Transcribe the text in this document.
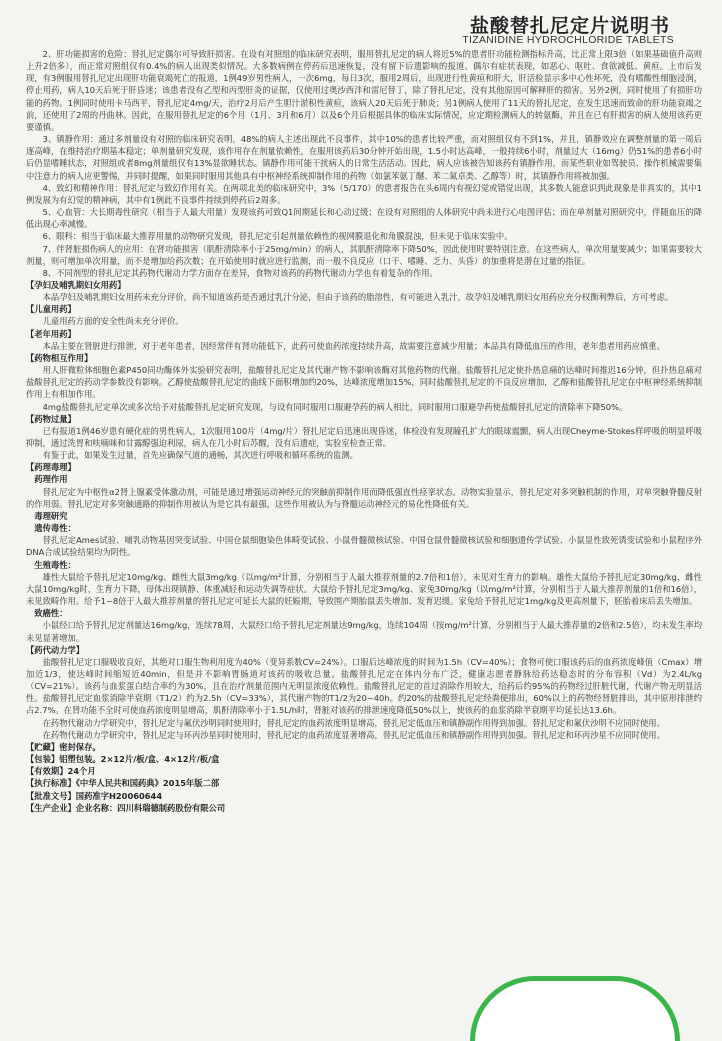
盐酸替扎尼定片说明书
TIZANIDINE HYDROCHLORIDE TABLETS

2、肝功能损害的危险：替扎尼定偶尔可导致肝损害。在设有对照组的临床研究表明，服用替扎尼定的病人将近5%的患者肝功能检测指标升高，比正常上限3倍（如果基础值升高则上升2倍多），而正常对照组仅有0.4%的病人出现类似情况。大多数病例在停药后迅速恢复，没有留下后遗影响的报道。偶尔有症状表现，如恶心、呕吐、食欲减低、黄疸。上市后发现，有3例服用替扎尼定出现肝功能衰竭死亡的报道，1例49岁男性病人，一次6mg，每日3次，服用2周后，出现进行性黄疸和肝大，肝活检显示多中心性坏死，没有嗜酸性细胞浸润，停止用药，病人10天后死于肝昏迷；该患者没有乙型和丙型肝炎的证据，仅使用过奥沙西泮和雷尼替丁，除了替扎尼定，没有其他原因可解释肝的损害。另外2例，同时使用了有损肝功能的药物。1例同时使用卡马西平，替扎尼定4mg/天，治疗2月后产生胆汁淤积性黄疸，该病人20天后死于肺炎；另1例病人使用了11天的替扎尼定，在发生迅速而致命的肝功能衰竭之前，还使用了2周的丹曲林。因此，在服用替扎尼定的6个月（1月、3月和6月）以及6个月后根据具体的临床实际情况，应定期检测病人的转氨酶，并且在已有肝损害的病人使用该药更要谨慎。

3、镇静作用：通过多剂量设有对照的临床研究表明，48%的病人主述出现此不良事件，其中10%的患者比较严重，而对照组仅有不到1%，并且，镇静效应在调整剂量的第一周后逐高峰，在维持治疗期基本稳定；单剂量研究发现，该作用存在剂量依赖性，在服用该药后30分钟开始出现，1.5小时达高峰，一般持续6小时，剂量过大（16mg）仍51%的患者6小时后仍显嗜睡状态，对照组或者8mg剂量组仅有13%显欲睡状态。镇静作用可能干扰病人的日常生活活动。因此，病人应该被告知该药有镇静作用，而某些职业如驾驶员、操作机械需要集中注意力的病人应更警惕，并同时提醒，如果同时服用其他具有中枢神经系统抑制作用的药物（如氯苯氨丁醚、苯二氮卓类、乙醇等）时，其镇静作用将被加强。

4、致幻和精神作用：替扎尼定与致幻作用有关。在两项北美的临床研究中，3%（5/170）的患者报告在头6周内有视幻觉或错觉出现，其多数人能意识到此现象是非真实的，其中1例发展为有幻觉的精神病，其中有1例此不良事件持续到停药后2周多。

5、心血管：大长期毒性研究（相当于人最大用量）发现该药可致Q1间期延长和心动过缓；在设有对照组的人体研究中尚未进行心电图评估；而在单剂量对照研究中，伴随血压的降低出现心率减慢。

6、眼科：相当于临床最大推荐用量的动物研究发现，替扎尼定引起剂量依赖性的视网膜退化和角膜混浊，但未见于临床实验中。

7、伴肾脏损伤病人的应用：在肾功能损害（肌酐清除率小于25mg/min）的病人，其肌酐清除率下降50%，因此使用时要特别注意。在这些病人，单次用量要减少；如果需要较大剂量，则可增加单次用量，而不是增加给药次数；在开始使用时就应进行监测，而一般不良反应（口干、嗜睡、乏力、头昏）的加重将是潜在过量的指征。

8、不同剂型的替扎尼定其药物代谢动力学方面存在差异，食物对该药的药物代谢动力学也有着复杂的作用。

【孕妇及哺乳期妇女用药】

本品孕妇及哺乳期妇女用药未充分评价，尚不知道该药是否通过乳汁分泌，但由于该药的脂溶性，有可能进入乳汁，故孕妇及哺乳期妇女用药应充分权衡利弊后，方可考虑。

【儿童用药】

儿童用药方面的安全性尚未充分评价。

【老年用药】

本品主要在肾脏进行排泄，对于老年患者，因经常伴有肾功能低下，此药可使血药浓度持续升高，故需要注意减少用量；本品具有降低血压的作用，老年患者用药应慎重。

【药物相互作用】

用人肝微粒体细胞色素P450同功酶体外实验研究表明，盐酸替扎尼定及其代谢产物不影响该酶对其他药物的代谢。盐酸替扎尼定使扑热息痛的达峰时间推迟16分钟，但扑热息痛对盐酸替扎尼定的药动学参数没有影响。乙醇使盐酸替扎尼定的曲线下面积增加约20%，达峰浓度增加15%，同时盐酸替扎尼定的不良反应增加，乙醇和盐酸替扎尼定在中枢神经系统抑制作用上有相加作用。

4mg盐酸替扎尼定单次或多次给予对盐酸替扎尼定研究发现，与设有同时服用口服避孕药的病人相比，同时服用口服避孕药使盐酸替扎尼定的清除率下降50%。

【药物过量】

已有报道1例46岁患有硬化症的男性病人，1次服用100片（4mg/片）替扎尼定后迅速出现昏迷，体检没有发现瞳孔扩大的眼球震颤，病人出现Cheyme-Stokes样呼吸的明显呼吸抑制，通过洗胃和呋喃咪和甘露醇强迫利尿，病人在几小时后苏醒，没有后遗症，实验室检查正常。

有鉴于此，如果发生过量，首先应确保气道的通畅，其次进行呼吸和循环系统的监测。

【药理毒理】

药理作用

替扎尼定为中枢性α2肾上腺素受体激动剂，可能是通过增强运动神经元的突触前抑制作用而降低强直性痉挛状态。动物实验显示，替扎尼定对多突触机制的作用，对单突触脊髓反射的作用弱。替扎尼定对多突触通路的抑制作用被认为是它具有最强，这些作用被认为与脊髓运动神经元的易化性降低有关。

毒理研究

遗传毒性：

替扎尼定Ames试验、哺乳动物基因突变试验、中国仓鼠细胞染色体畸变试验、小鼠骨髓微核试验、中国仓鼠骨髓微核试验和细胞遗传学试验、小鼠显性致死诱变试验和小鼠程序外DNA合成试验结果均为阴性。

生殖毒性：

雄性大鼠给予替扎尼定10mg/kg、雌性大鼠3mg/kg（以mg/m²计算，分别相当于人最大推荐剂量的2.7倍和1倍），未见对生育力的影响。雄性大鼠给予替扎尼定30mg/kg、雌性大鼠10mg/kg时，生育力下降，母体出现镇静、体重减轻和运动失调等症状。大鼠给予替扎尼定3mg/kg、家兔30mg/kg（以mg/m²计算，分别相当于人最大推荐剂量的1倍和16倍），未见致畸作用。给予1~8倍于人最大推荐剂量的替扎尼定可延长大鼠的妊娠期，导致围产期胎鼠丢失增加、发育迟缓。家兔给予替扎尼定1mg/kg及更高剂量下，胚胎着床后丢失增加。

致癌性：

小鼠经口给予替扎尼定剂量达16mg/kg，连续78周，大鼠经口给予替扎尼定剂量达9mg/kg，连续104周（按mg/m²计算，分别相当于人最大推荐量的2倍和2.5倍），均未发生率均未见显著增加。

【药代动力学】

盐酸替扎尼定口服吸收良好，其绝对口服生物利用度为40%（变异系数CV=24%）。口服后达峰浓度的时间为1.5h（CV=40%）；食物可使口服该药后的血药浓度峰值（Cmax）增加近1/3，使达峰时间缩短近40min，但是并不影响胃肠道对该药的吸收总量。盐酸替扎尼定在体内分布广泛，健康志愿者静脉给药达稳态时的分布容积（Vd）为2.4L/kg（CV=21%）。该药与血浆蛋白结合率约为30%，且在治疗剂量范围内无明显浓度依赖性。盐酸替扎尼定的首过消除作用较大，给药后约95%的药物经过肝脏代谢，代谢产物无明显活性。盐酸替扎尼定血浆消除半衰期（T1/2）约为2.5h（CV=33%），其代谢产物的T1/2为20~40h。约20%的盐酸替扎尼定经粪便排出，60%以上的药物经肾脏排出，其中原形排泄约占2.7%。在肾功能不全时可使血药浓度明显增高，肌酐清除率小于1.5L/h时，肾脏对该药的排泄速度降低50%以上，使该药的血浆消除半衰期平均延长达13.6h。

在药物代谢动力学研究中，替扎尼定与氟伏沙明同时使用时，替扎尼定的血药浓度明显增高，替扎尼定低血压和镇静副作用得到加强。替扎尼定和氟伏沙明不应同时使用。

在药物代谢动力学研究中，替扎尼定与环丙沙星同时使用时，替扎尼定的血药浓度显著增高，替扎尼定低血压和镇静副作用得到加强。替扎尼定和环丙沙星不应同时使用。

【贮藏】密封保存。

【包装】铝塑包装。2×12片/板/盒、4×12片/板/盒

【有效期】24个月

【执行标准】《中华人民共和国药典》2015年版二部

【批准文号】国药准字H20060644

【生产企业】企业名称：四川科瑞德制药股份有限公司
